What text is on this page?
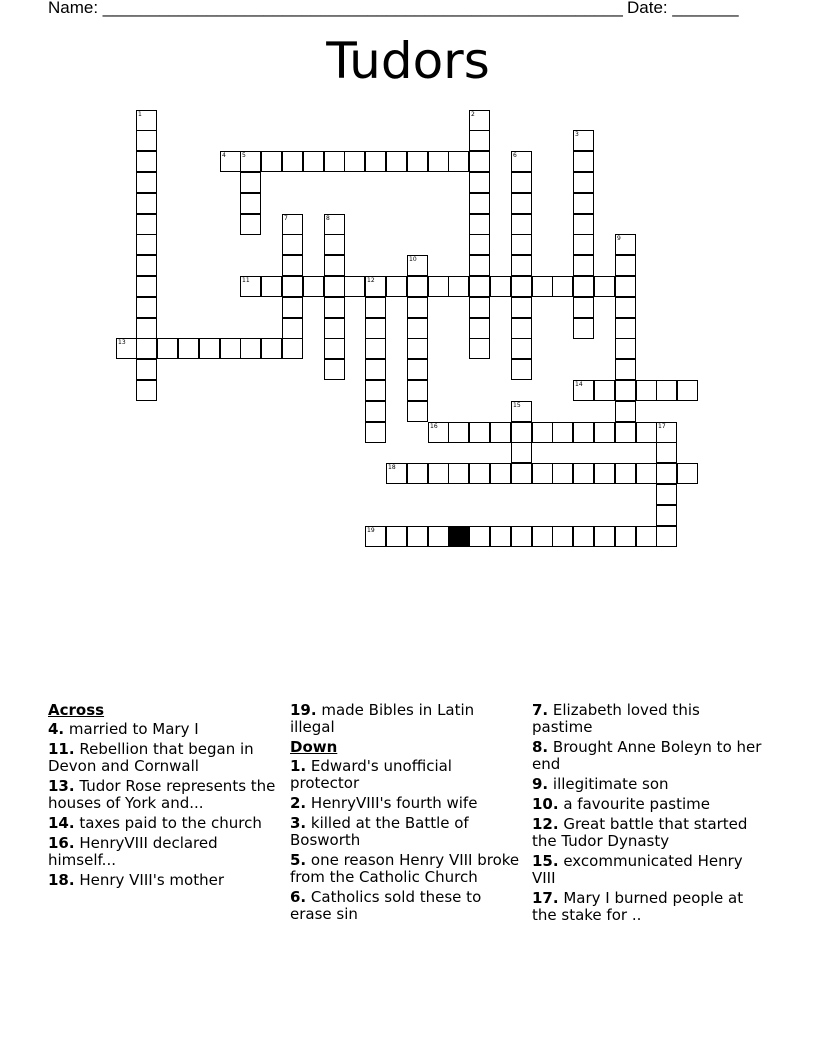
Name: _______________________________________________________ Date: _______
Tudors
1	2
3
4	5	6
7	8
9
10
11	12
13
14
15
16	17
18
19
Across
4. married to Mary I
11. Rebellion that began in Devon and Cornwall
13. Tudor Rose represents the houses of York and...
14. taxes paid to the church
16. HenryVIII declared himself...
18. Henry VIII's mother
19. made Bibles in Latin illegal
Down
1. Edward's unofficial protector
2. HenryVIII's fourth wife
3. killed at the Battle of Bosworth
5. one reason Henry VIII broke from the Catholic Church
6. Catholics sold these to erase sin
7. Elizabeth loved this pastime
8. Brought Anne Boleyn to her end
9. illegitimate son
10. a favourite pastime
12. Great battle that started the Tudor Dynasty
15. excommunicated Henry VIII
17. Mary I burned people at the stake for ..
